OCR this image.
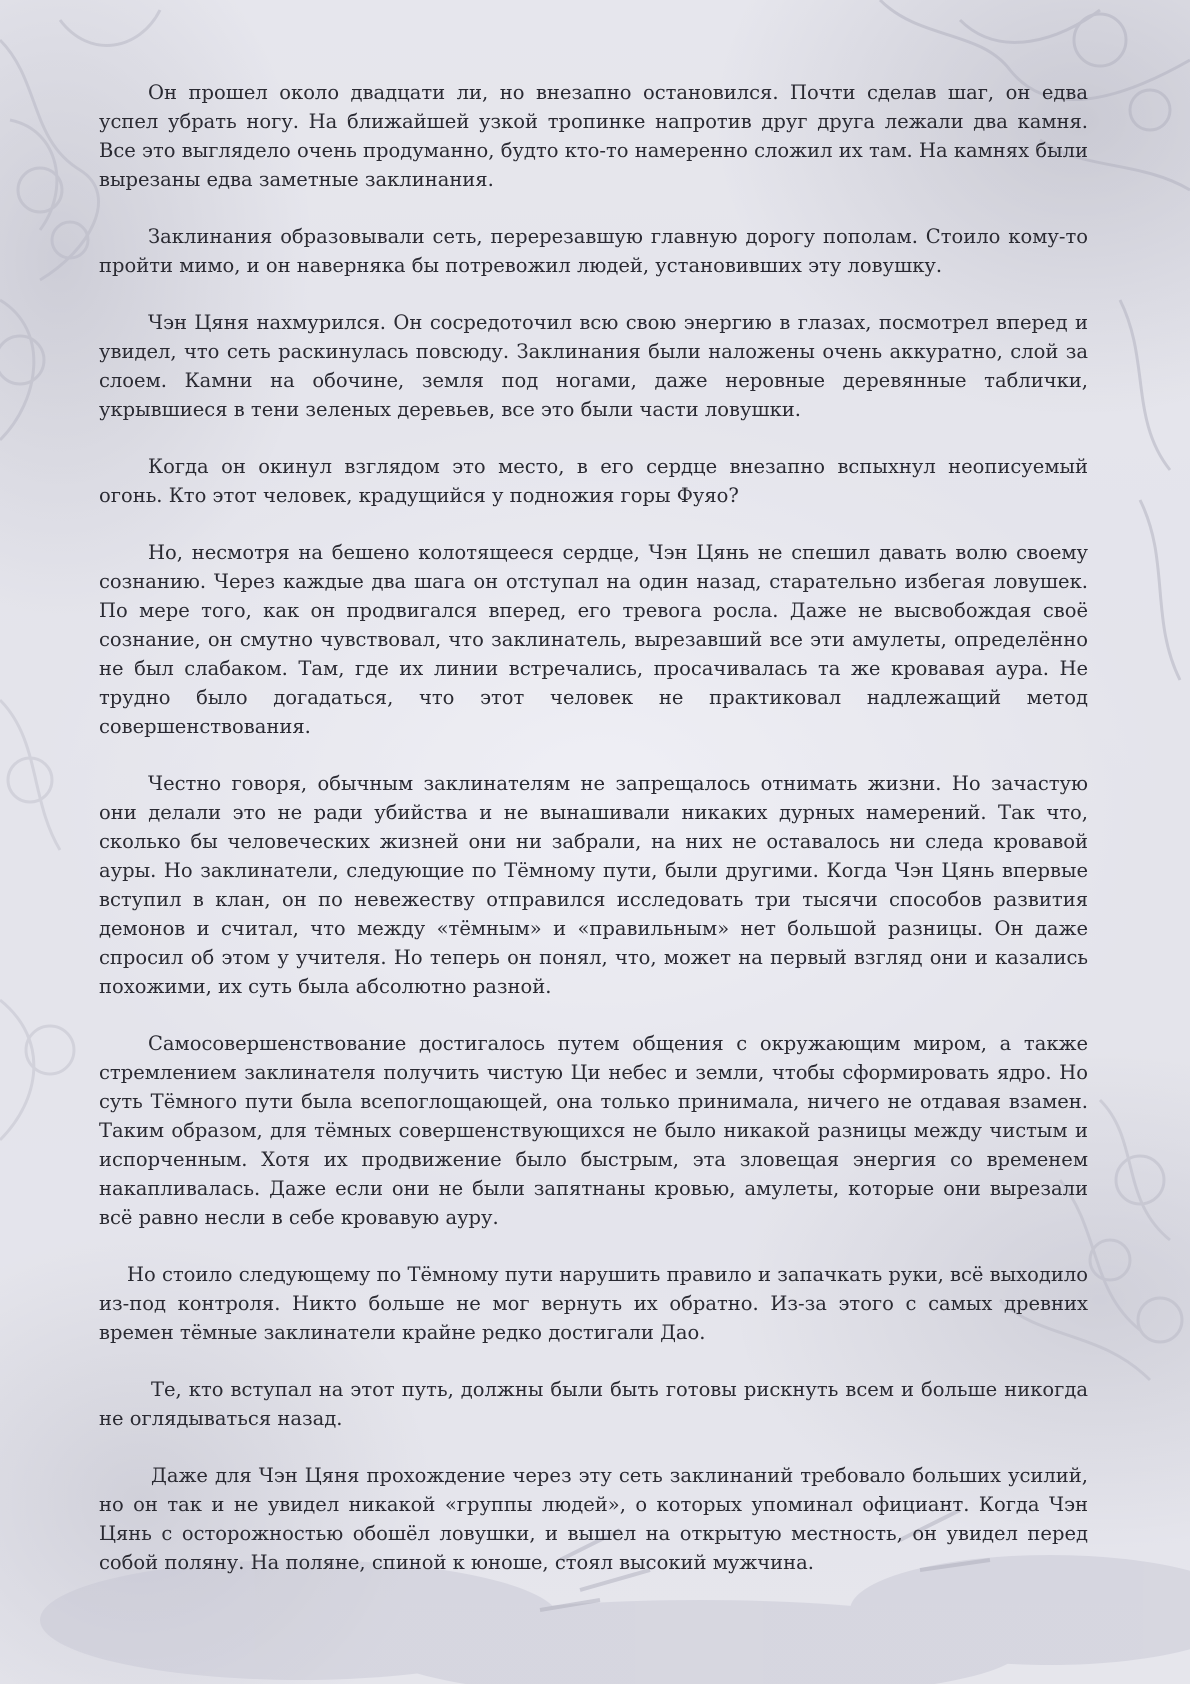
Он прошел около двадцати ли, но внезапно остановился. Почти сделав шаг, он едва успел убрать ногу. На ближайшей узкой тропинке напротив друг друга лежали два камня. Все это выглядело очень продуманно, будто кто-то намеренно сложил их там. На камнях были вырезаны едва заметные заклинания.

Заклинания образовывали сеть, перерезавшую главную дорогу пополам. Стоило кому-то пройти мимо, и он наверняка бы потревожил людей, установивших эту ловушку.

Чэн Цяня нахмурился. Он сосредоточил всю свою энергию в глазах, посмотрел вперед и увидел, что сеть раскинулась повсюду. Заклинания были наложены очень аккуратно, слой за слоем. Камни на обочине, земля под ногами, даже неровные деревянные таблички, укрывшиеся в тени зеленых деревьев, все это были части ловушки.

Когда он окинул взглядом это место, в его сердце внезапно вспыхнул неописуемый огонь. Кто этот человек, крадущийся у подножия горы Фуяо?

Но, несмотря на бешено колотящееся сердце, Чэн Цянь не спешил давать волю своему сознанию. Через каждые два шага он отступал на один назад, старательно избегая ловушек. По мере того, как он продвигался вперед, его тревога росла. Даже не высвобождая своё сознание, он смутно чувствовал, что заклинатель, вырезавший все эти амулеты, определённо не был слабаком. Там, где их линии встречались, просачивалась та же кровавая аура. Не трудно было догадаться, что этот человек не практиковал надлежащий метод совершенствования.

Честно говоря, обычным заклинателям не запрещалось отнимать жизни. Но зачастую они делали это не ради убийства и не вынашивали никаких дурных намерений. Так что, сколько бы человеческих жизней они ни забрали, на них не оставалось ни следа кровавой ауры. Но заклинатели, следующие по Тёмному пути, были другими. Когда Чэн Цянь впервые вступил в клан, он по невежеству отправился исследовать три тысячи способов развития демонов и считал, что между «тёмным» и «правильным» нет большой разницы. Он даже спросил об этом у учителя. Но теперь он понял, что, может на первый взгляд они и казались похожими, их суть была абсолютно разной.

Самосовершенствование достигалось путем общения с окружающим миром, а также стремлением заклинателя получить чистую Ци небес и земли, чтобы сформировать ядро. Но суть Тёмного пути была всепоглощающей, она только принимала, ничего не отдавая взамен. Таким образом, для тёмных совершенствующихся не было никакой разницы между чистым и испорченным. Хотя их продвижение было быстрым, эта зловещая энергия со временем накапливалась. Даже если они не были запятнаны кровью, амулеты, которые они вырезали всё равно несли в себе кровавую ауру.

Но стоило следующему по Тёмному пути нарушить правило и запачкать руки, всё выходило из-под контроля. Никто больше не мог вернуть их обратно. Из-за этого с самых древних времен тёмные заклинатели крайне редко достигали Дао.

Те, кто вступал на этот путь, должны были быть готовы рискнуть всем и больше никогда не оглядываться назад.

Даже для Чэн Цяня прохождение через эту сеть заклинаний требовало больших усилий, но он так и не увидел никакой «группы людей», о которых упоминал официант. Когда Чэн Цянь с осторожностью обошёл ловушки, и вышел на открытую местность, он увидел перед собой поляну. На поляне, спиной к юноше, стоял высокий мужчина.
